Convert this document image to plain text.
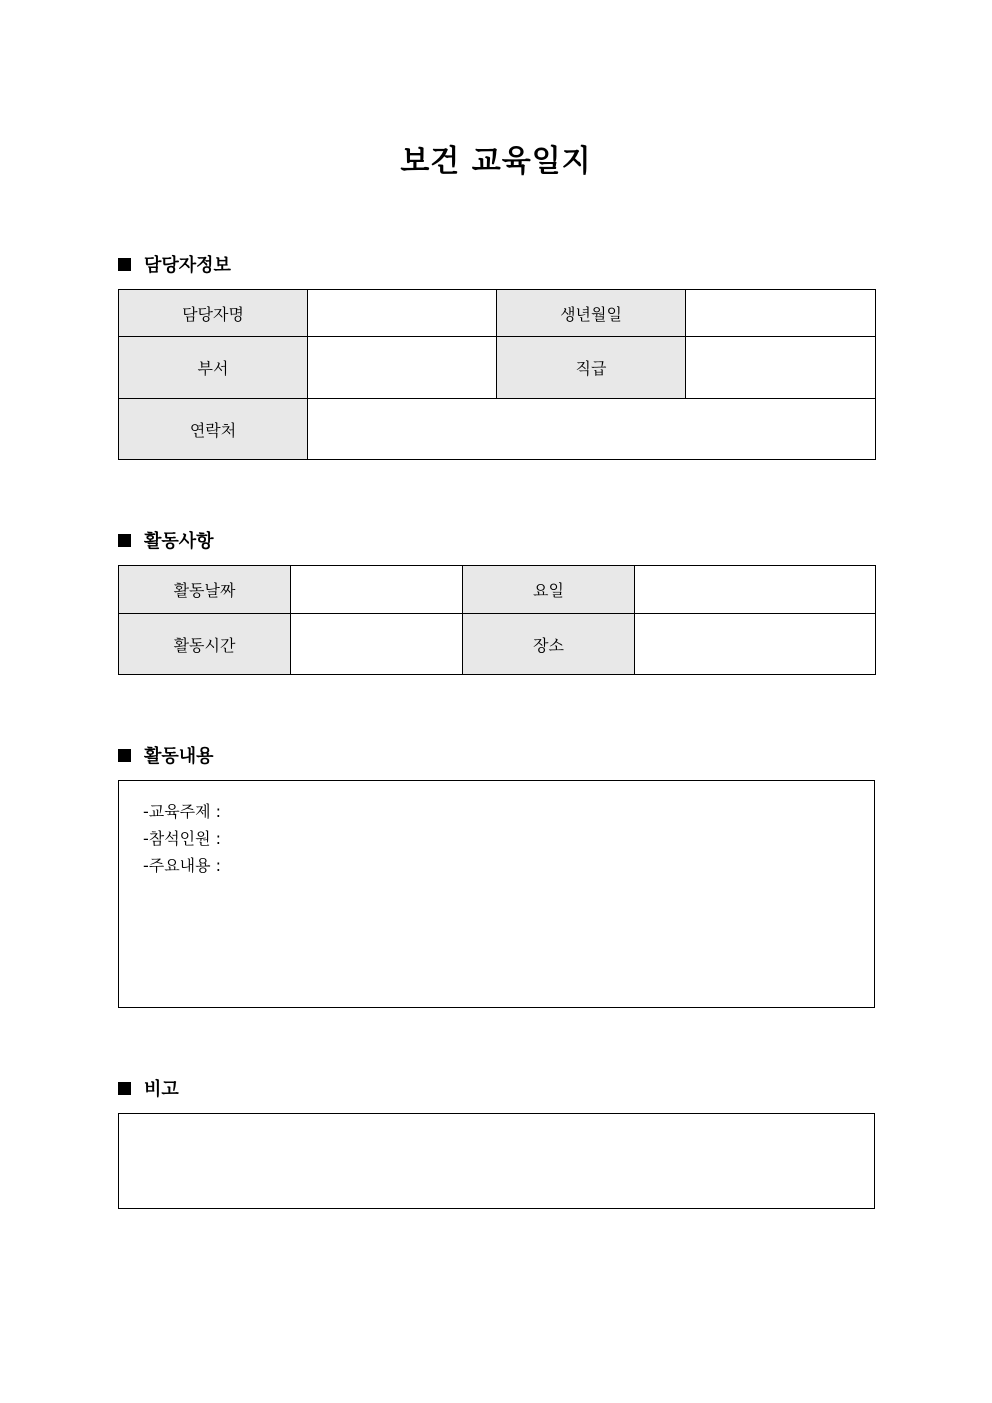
보건 교육일지
담당자정보
담당자명		생년월일	
부서		직급	
연락처			
활동사항
활동날짜		요일	
활동시간		장소	
활동내용
-교육주제 :
-참석인원 :
-주요내용 :
비고
